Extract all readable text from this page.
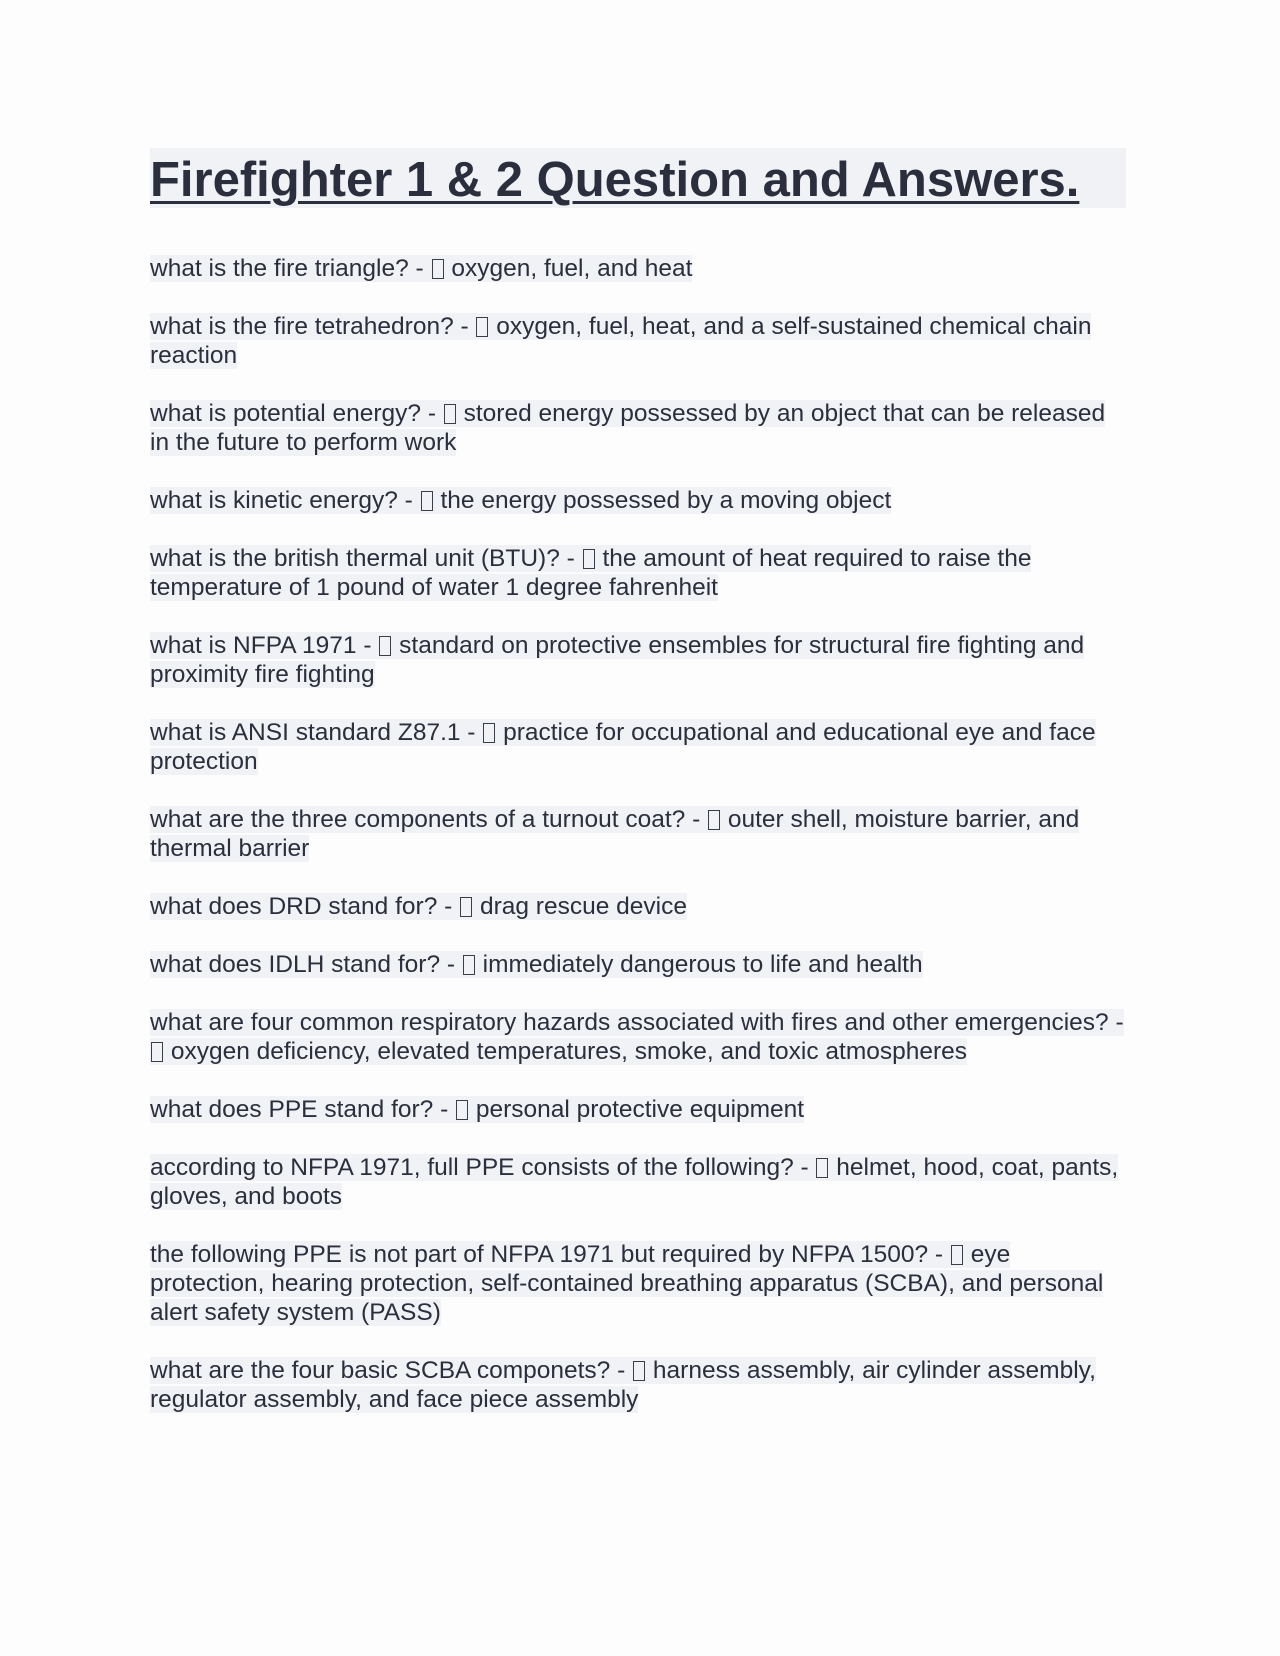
Firefighter 1 & 2 Question and Answers.

what is the fire triangle? -  oxygen, fuel, and heat

what is the fire tetrahedron? -  oxygen, fuel, heat, and a self-sustained chemical chain reaction

what is potential energy? -  stored energy possessed by an object that can be released in the future to perform work

what is kinetic energy? -  the energy possessed by a moving object

what is the british thermal unit (BTU)? -  the amount of heat required to raise the temperature of 1 pound of water 1 degree fahrenheit

what is NFPA 1971 -  standard on protective ensembles for structural fire fighting and proximity fire fighting

what is ANSI standard Z87.1 -  practice for occupational and educational eye and face protection

what are the three components of a turnout coat? -  outer shell, moisture barrier, and thermal barrier

what does DRD stand for? -  drag rescue device

what does IDLH stand for? -  immediately dangerous to life and health

what are four common respiratory hazards associated with fires and other emergencies? -  oxygen deficiency, elevated temperatures, smoke, and toxic atmospheres

what does PPE stand for? -  personal protective equipment

according to NFPA 1971, full PPE consists of the following? -  helmet, hood, coat, pants, gloves, and boots

the following PPE is not part of NFPA 1971 but required by NFPA 1500? -  eye protection, hearing protection, self-contained breathing apparatus (SCBA), and personal alert safety system (PASS)

what are the four basic SCBA componets? -  harness assembly, air cylinder assembly, regulator assembly, and face piece assembly
